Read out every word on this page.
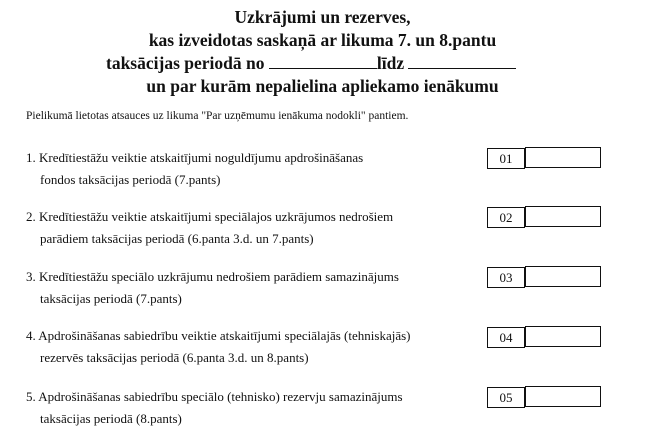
Uzkrājumi un rezerves,
kas izveidotas saskaņā ar likuma 7. un 8.pantu
taksācijas periodā no	līdz
un par kurām nepalielina apliekamo ienākumu
Pielikumā lietotas atsauces uz likuma "Par uzņēmumu ienākuma nodokli" pantiem.
1. Kredītiestāžu veiktie atskaitījumi noguldījumu apdrošināšanas
fondos taksācijas periodā (7.pants)
01
2. Kredītiestāžu veiktie atskaitījumi speciālajos uzkrājumos nedrošiem
parādiem taksācijas periodā (6.panta 3.d. un 7.pants)
02
3. Kredītiestāžu speciālo uzkrājumu nedrošiem parādiem samazinājums
taksācijas periodā (7.pants)
03
4. Apdrošināšanas sabiedrību veiktie atskaitījumi speciālajās (tehniskajās)
rezervēs taksācijas periodā (6.panta 3.d. un 8.pants)
04
5. Apdrošināšanas sabiedrību speciālo (tehnisko) rezervju samazinājums
taksācijas periodā (8.pants)
05
